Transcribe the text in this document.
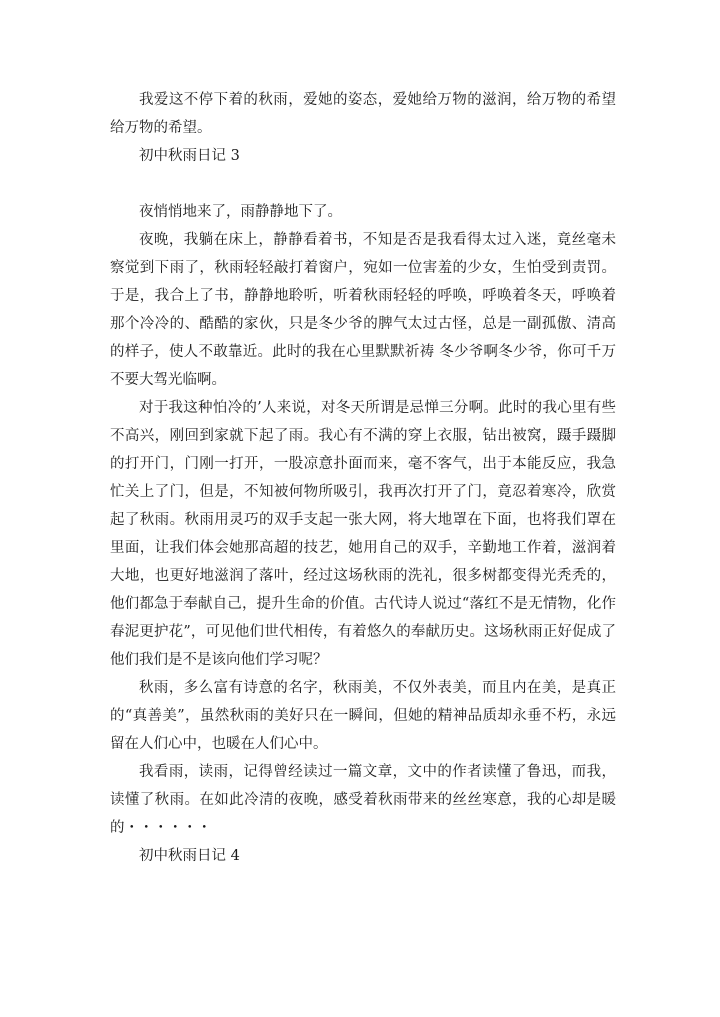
我爱这不停下着的秋雨，爱她的姿态，爱她给万物的滋润，给万物的希望给万物的希望。

初中秋雨日记 3

夜悄悄地来了，雨静静地下了。

夜晚，我躺在床上，静静看着书，不知是否是我看得太过入迷，竟丝毫未察觉到下雨了，秋雨轻轻敲打着窗户，宛如一位害羞的少女，生怕受到责罚。于是，我合上了书，静静地聆听，听着秋雨轻轻的呼唤，呼唤着冬天，呼唤着那个冷冷的、酷酷的家伙，只是冬少爷的脾气太过古怪，总是一副孤傲、清高的样子，使人不敢靠近。此时的我在心里默默祈祷 冬少爷啊冬少爷，你可千万不要大驾光临啊。

对于我这种怕冷的’人来说，对冬天所谓是忌惮三分啊。此时的我心里有些不高兴，刚回到家就下起了雨。我心有不满的穿上衣服，钻出被窝，蹑手蹑脚的打开门，门刚一打开，一股凉意扑面而来，毫不客气，出于本能反应，我急忙关上了门，但是，不知被何物所吸引，我再次打开了门，竟忍着寒冷，欣赏起了秋雨。秋雨用灵巧的双手支起一张大网，将大地罩在下面，也将我们罩在里面，让我们体会她那高超的技艺，她用自己的双手，辛勤地工作着，滋润着大地，也更好地滋润了落叶，经过这场秋雨的洗礼，很多树都变得光秃秃的，他们都急于奉献自己，提升生命的价值。古代诗人说过“落红不是无情物，化作春泥更护花”，可见他们世代相传，有着悠久的奉献历史。这场秋雨正好促成了他们我们是不是该向他们学习呢？

秋雨，多么富有诗意的名字，秋雨美，不仅外表美，而且内在美，是真正的“真善美”，虽然秋雨的美好只在一瞬间，但她的精神品质却永垂不朽，永远留在人们心中，也暖在人们心中。

我看雨，读雨，记得曾经读过一篇文章，文中的作者读懂了鲁迅，而我，读懂了秋雨。在如此冷清的夜晚，感受着秋雨带来的丝丝寒意，我的心却是暖的・・・・・・

初中秋雨日记 4
